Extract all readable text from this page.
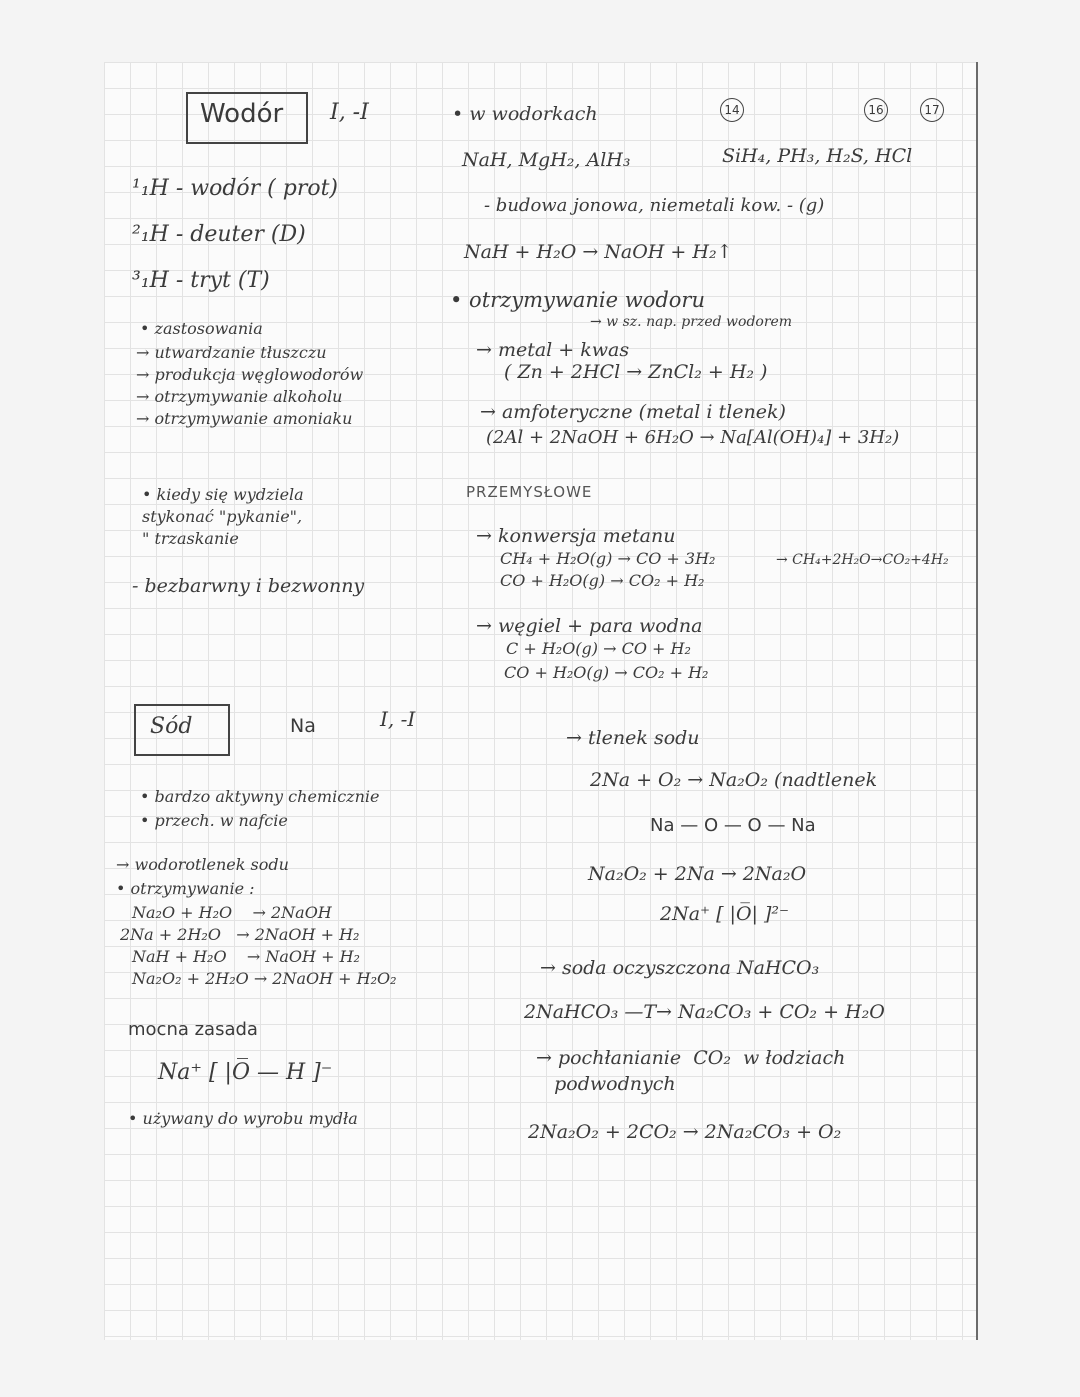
Wodór I, -I
¹₁H - wodór ( prot)
²₁H - deuter (D)
³₁H - tryt (T)
• zastosowania
→ utwardzanie tłuszczu
→ produkcja węglowodorów
→ otrzymywanie alkoholu
→ otrzymywanie amoniaku
• kiedy się wydziela
stykonać "pykanie",
" trzaskanie
- bezbarwny i bezwonny
• w wodorkach	14	16	17
NaH, MgH₂, AlH₃	SiH₄, PH₃, H₂S, HCl
- budowa jonowa, niemetali kow. - (g)
NaH + H₂O → NaOH + H₂↑
• otrzymywanie wodoru
→ w sz. nap. przed wodorem
→ metal + kwas
( Zn + 2HCl → ZnCl₂ + H₂ )
→ amfoteryczne (metal i tlenek)
(2Al + 2NaOH + 6H₂O → Na[Al(OH)₄] + 3H₂)
PRZEMYSŁOWE
→ konwersja metanu
CH₄ + H₂O(g) → CO + 3H₂
CO + H₂O(g) → CO₂ + H₂
→ CH₄+2H₂O→CO₂+4H₂
→ węgiel + para wodna
C + H₂O(g) → CO + H₂
CO + H₂O(g) → CO₂ + H₂
Sód	Na	I, -I
• bardzo aktywny chemicznie
• przech. w nafcie
→ wodorotlenek sodu
• otrzymywanie :
Na₂O + H₂O    → 2NaOH
2Na + 2H₂O   → 2NaOH + H₂
NaH + H₂O    → NaOH + H₂
Na₂O₂ + 2H₂O → 2NaOH + H₂O₂
mocna zasada
Na⁺ [ |O̅ — H ]⁻
• używany do wyrobu mydła
→ tlenek sodu
2Na + O₂ → Na₂O₂ (nadtlenek
Na — O — O — Na
Na₂O₂ + 2Na → 2Na₂O
2Na⁺ [ |O̅| ]²⁻
→ soda oczyszczona NaHCO₃
2NaHCO₃ —T→ Na₂CO₃ + CO₂ + H₂O
→ pochłanianie  CO₂  w łodziach
podwodnych
2Na₂O₂ + 2CO₂ → 2Na₂CO₃ + O₂
